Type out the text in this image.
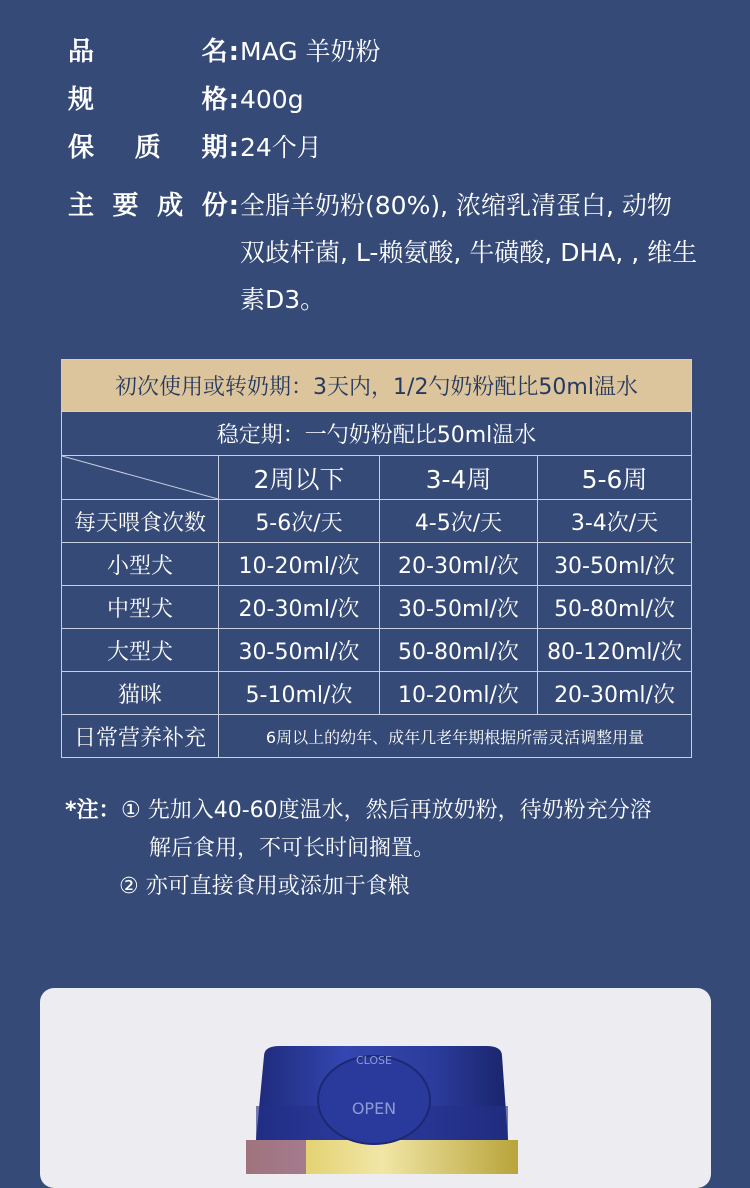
品	名: MAG 羊奶粉
规	格: 400g
保 质 期: 24个月
主 要 成 份: 全脂羊奶粉(80%), 浓缩乳清蛋白, 动物
双歧杆菌, L-赖氨酸, 牛磺酸, DHA, , 维生
素D3。
初次使用或转奶期：3天内，1/2勺奶粉配比50ml温水			
稳定期：一勺奶粉配比50ml温水			

	2周以下	3-4周	5-6周
每天喂食次数	5-6次/天	4-5次/天	3-4次/天
小型犬	10-20ml/次	20-30ml/次	30-50ml/次
中型犬	20-30ml/次	30-50ml/次	50-80ml/次
大型犬	30-50ml/次	50-80ml/次	80-120ml/次
猫咪	5-10ml/次	10-20ml/次	20-30ml/次
日常营养补充	6周以上的幼年、成年几老年期根据所需灵活调整用量		
*注： ① 先加入40-60度温水，然后再放奶粉，待奶粉充分溶
解后食用，不可长时间搁置。
② 亦可直接食用或添加于食粮
CLOSE
OPEN
